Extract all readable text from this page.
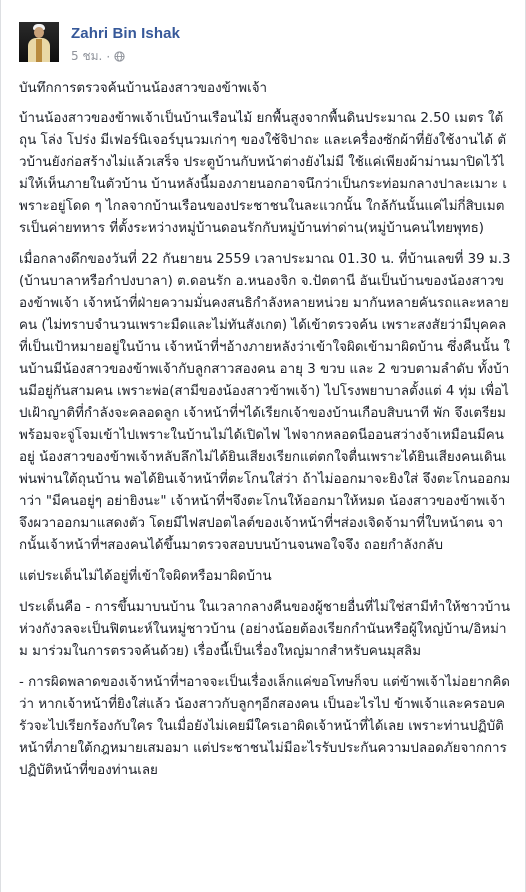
Zahri Bin Ishak
5 ชม. ·

บันทึกการตรวจค้นบ้านน้องสาวของข้าพเจ้า

บ้านน้องสาวของข้าพเจ้าเป็นบ้านเรือนไม้ ยกพื้นสูงจากพื้นดินประมาณ 2.50 เมตร ใต้ถุน โล่ง โปร่ง มีเฟอร์นิเจอร์บุนวมเก่าๆ ของใช้จิปาถะ และเครื่องซักผ้าที่ยังใช้งานได้ ตัวบ้านยังก่อสร้างไม่แล้วเสร็จ ประตูบ้านกับหน้าต่างยังไม่มี ใช้แค่เพียงผ้าม่านมาปิดไว้ไม่ให้เห็นภายในตัวบ้าน บ้านหลังนี้มองภายนอกอาจนึกว่าเป็นกระท่อมกลางปาละเมาะ เพราะอยู่โดด ๆ ไกลจากบ้านเรือนของประชาชนในละแวกนั้น ใกล้กันนั้นแค่ไม่กี่สิบเมตรเป็นค่ายทหาร ที่ตั้งระหว่างหมู่บ้านดอนรักกับหมู่บ้านท่าด่าน(หมู่บ้านคนไทยพุทธ)

เมื่อกลางดึกของวันที่ 22 กันยายน 2559 เวลาประมาณ 01.30 น. ที่บ้านเลขที่ 39 ม.3 (บ้านบาลาหรือกำปงบาลา) ต.ดอนรัก อ.หนองจิก จ.ปัตตานี อันเป็นบ้านของน้องสาวของข้าพเจ้า เจ้าหน้าที่ฝ่ายความมั่นคงสนธิกำลังหลายหน่วย มากันหลายคันรถและหลายคน (ไม่ทราบจำนวนเพราะมืดและไม่ทันสังเกต) ได้เข้าตรวจค้น เพราะสงสัยว่ามีบุคคลที่เป็นเป้าหมายอยู่ในบ้าน เจ้าหน้าที่ฯอ้างภายหลังว่าเข้าใจผิดเข้ามาผิดบ้าน ซึ่งคืนนั้น ในบ้านมีน้องสาวของข้าพเจ้ากับลูกสาวสองคน อายุ 3 ขวบ และ 2 ขวบตามลำดับ ทั้งบ้านมีอยู่กันสามคน เพราะพ่อ(สามีของน้องสาวข้าพเจ้า) ไปโรงพยาบาลตั้งแต่ 4 ทุ่ม เพื่อไปเฝ้าญาติที่กำลังจะคลอดลูก เจ้าหน้าที่ฯได้เรียกเจ้าของบ้านเกือบสิบนาที พัก จึงเตรียมพร้อมจะจู่โจมเข้าไปเพราะในบ้านไม่ได้เปิดไฟ ไฟจากหลอดนีออนสว่างจ้าเหมือนมีคนอยู่ น้องสาวของข้าพเจ้าหลับลึกไม่ได้ยินเสียงเรียกแต่ตกใจตื่นเพราะได้ยินเสียงคนเดินเพ่นพ่านใต้ถุนบ้าน พอได้ยินเจ้าหน้าที่ตะโกนใส่ว่า ถ้าไม่ออกมาจะยิงใส่ จึงตะโกนออกมาว่า "มีคนอยู่ๆ อย่ายิงนะ" เจ้าหน้าที่ฯจึงตะโกนให้ออกมาให้หมด น้องสาวของข้าพเจ้าจึงผวาออกมาแสดงตัว โดยมีไฟสปอตไลต์ของเจ้าหน้าที่ฯส่องเจิดจ้ามาที่ใบหน้าตน จากนั้นเจ้าหน้าที่ฯสองคนได้ขึ้นมาตรวจสอบบนบ้านจนพอใจจึง ถอยกำลังกลับ

แต่ประเด็นไม่ได้อยู่ที่เข้าใจผิดหรือมาผิดบ้าน

ประเด็นคือ - การขึ้นมาบนบ้าน ในเวลากลางคืนของผู้ชายอื่นที่ไม่ใช่สามีทำให้ชาวบ้านห่วงกังวลจะเป็นฟิตนะห์ในหมู่ชาวบ้าน (อย่างน้อยต้องเรียกกำนันหรือผู้ใหญ่บ้าน/อิหม่าม มาร่วมในการตรวจค้นด้วย) เรื่องนี้เป็นเรื่องใหญ่มากสำหรับคนมุสลิม

- การผิดพลาดของเจ้าหน้าที่ฯอาจจะเป็นเรื่องเล็กแค่ขอโทษก็จบ แต่ข้าพเจ้าไม่อยากคิดว่า หากเจ้าหน้าที่ยิงใส่แล้ว น้องสาวกับลูกๆอีกสองคน เป็นอะไรไป ข้าพเจ้าและครอบครัวจะไปเรียกร้องกับใคร ในเมื่อยังไม่เคยมีใครเอาผิดเจ้าหน้าที่ได้เลย เพราะท่านปฏิบัติหน้าที่ภายใต้กฎหมายเสมอมา แต่ประชาชนไม่มีอะไรรับประกันความปลอดภัยจากการปฏิบัติหน้าที่ของท่านเลย
